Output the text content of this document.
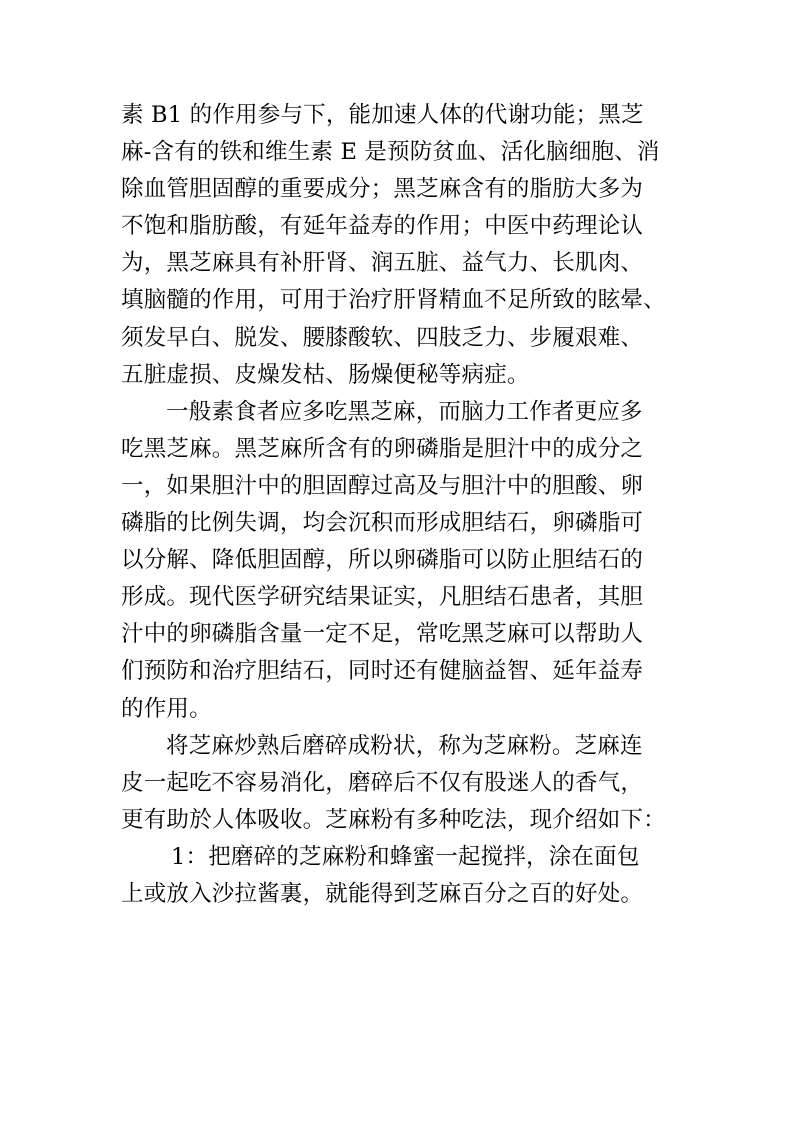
素 B1 的作用参与下，能加速人体的代谢功能；黑芝
麻-含有的铁和维生素 E 是预防贫血、活化脑细胞、消
除血管胆固醇的重要成分；黑芝麻含有的脂肪大多为
不饱和脂肪酸，有延年益寿的作用；中医中药理论认
为，黑芝麻具有补肝肾、润五脏、益气力、长肌肉、
填脑髓的作用，可用于治疗肝肾精血不足所致的眩晕、
须发早白、脱发、腰膝酸软、四肢乏力、步履艰难、
五脏虚损、皮燥发枯、肠燥便秘等病症。
一般素食者应多吃黑芝麻，而脑力工作者更应多
吃黑芝麻。黑芝麻所含有的卵磷脂是胆汁中的成分之
一，如果胆汁中的胆固醇过高及与胆汁中的胆酸、卵
磷脂的比例失调，均会沉积而形成胆结石，卵磷脂可
以分解、降低胆固醇，所以卵磷脂可以防止胆结石的
形成。现代医学研究结果证实，凡胆结石患者，其胆
汁中的卵磷脂含量一定不足，常吃黑芝麻可以帮助人
们预防和治疗胆结石，同时还有健脑益智、延年益寿
的作用。
将芝麻炒熟后磨碎成粉状，称为芝麻粉。芝麻连
皮一起吃不容易消化，磨碎后不仅有股迷人的香气，
更有助於人体吸收。芝麻粉有多种吃法，现介绍如下：
1：把磨碎的芝麻粉和蜂蜜一起搅拌，涂在面包
上或放入沙拉酱裏，就能得到芝麻百分之百的好处。
